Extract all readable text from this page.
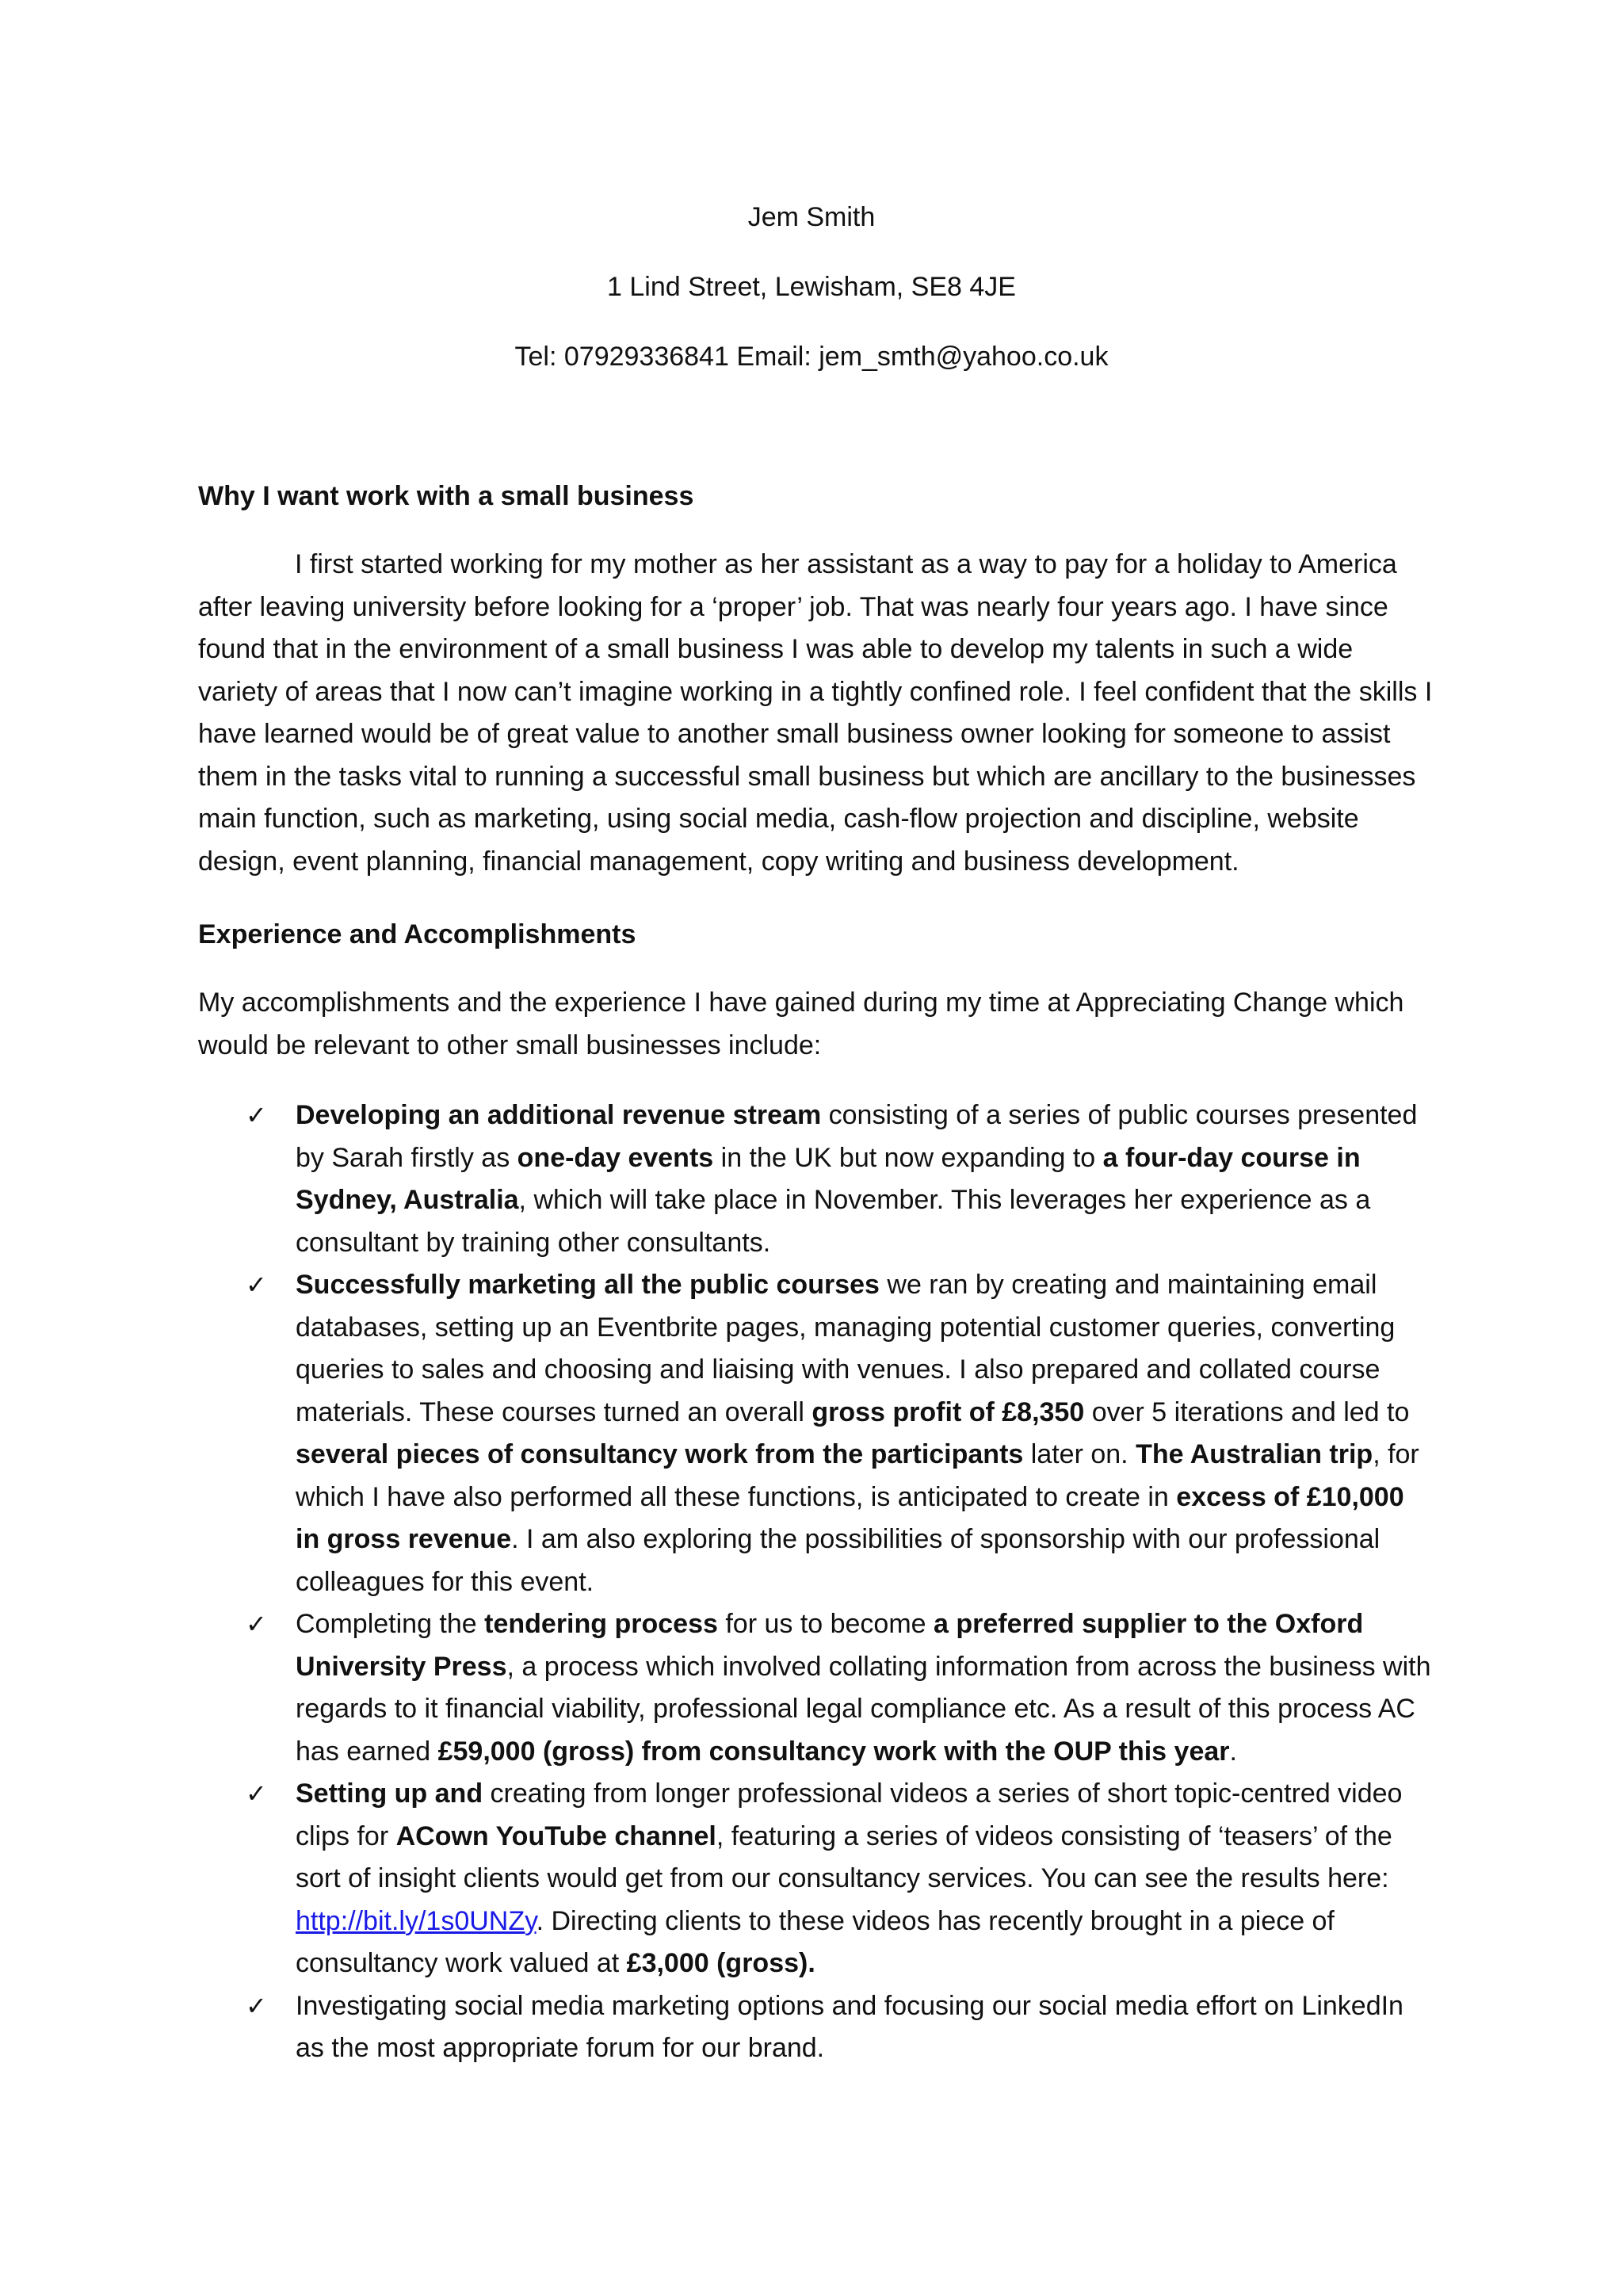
Jem Smith
1 Lind Street, Lewisham, SE8 4JE
Tel: 07929336841 Email: jem_smth@yahoo.co.uk
Why I want work with a small business

I first started working for my mother as her assistant as a way to pay for a holiday to America after leaving university before looking for a ‘proper’ job. That was nearly four years ago. I have since found that in the environment of a small business I was able to develop my talents in such a wide variety of areas that I now can’t imagine working in a tightly confined role. I feel confident that the skills I have learned would be of great value to another small business owner looking for someone to assist them in the tasks vital to running a successful small business but which are ancillary to the businesses main function, such as marketing, using social media, cash-flow projection and discipline, website design, event planning, financial management, copy writing and business development.

Experience and Accomplishments

My accomplishments and the experience I have gained during my time at Appreciating Change which would be relevant to other small businesses include:

✓ Developing an additional revenue stream consisting of a series of public courses presented by Sarah firstly as one-day events in the UK but now expanding to a four-day course in Sydney, Australia, which will take place in November. This leverages her experience as a consultant by training other consultants.
✓ Successfully marketing all the public courses we ran by creating and maintaining email databases, setting up an Eventbrite pages, managing potential customer queries, converting queries to sales and choosing and liaising with venues. I also prepared and collated course materials. These courses turned an overall gross profit of £8,350 over 5 iterations and led to several pieces of consultancy work from the participants later on. The Australian trip, for which I have also performed all these functions, is anticipated to create in excess of £10,000 in gross revenue. I am also exploring the possibilities of sponsorship with our professional colleagues for this event.
✓ Completing the tendering process for us to become a preferred supplier to the Oxford University Press, a process which involved collating information from across the business with regards to it financial viability, professional legal compliance etc. As a result of this process AC has earned £59,000 (gross) from consultancy work with the OUP this year.
✓ Setting up and creating from longer professional videos a series of short topic-centred video clips for ACown YouTube channel, featuring a series of videos consisting of ‘teasers’ of the sort of insight clients would get from our consultancy services. You can see the results here: http://bit.ly/1s0UNZy. Directing clients to these videos has recently brought in a piece of consultancy work valued at £3,000 (gross).
✓ Investigating social media marketing options and focusing our social media effort on LinkedIn as the most appropriate forum for our brand.
